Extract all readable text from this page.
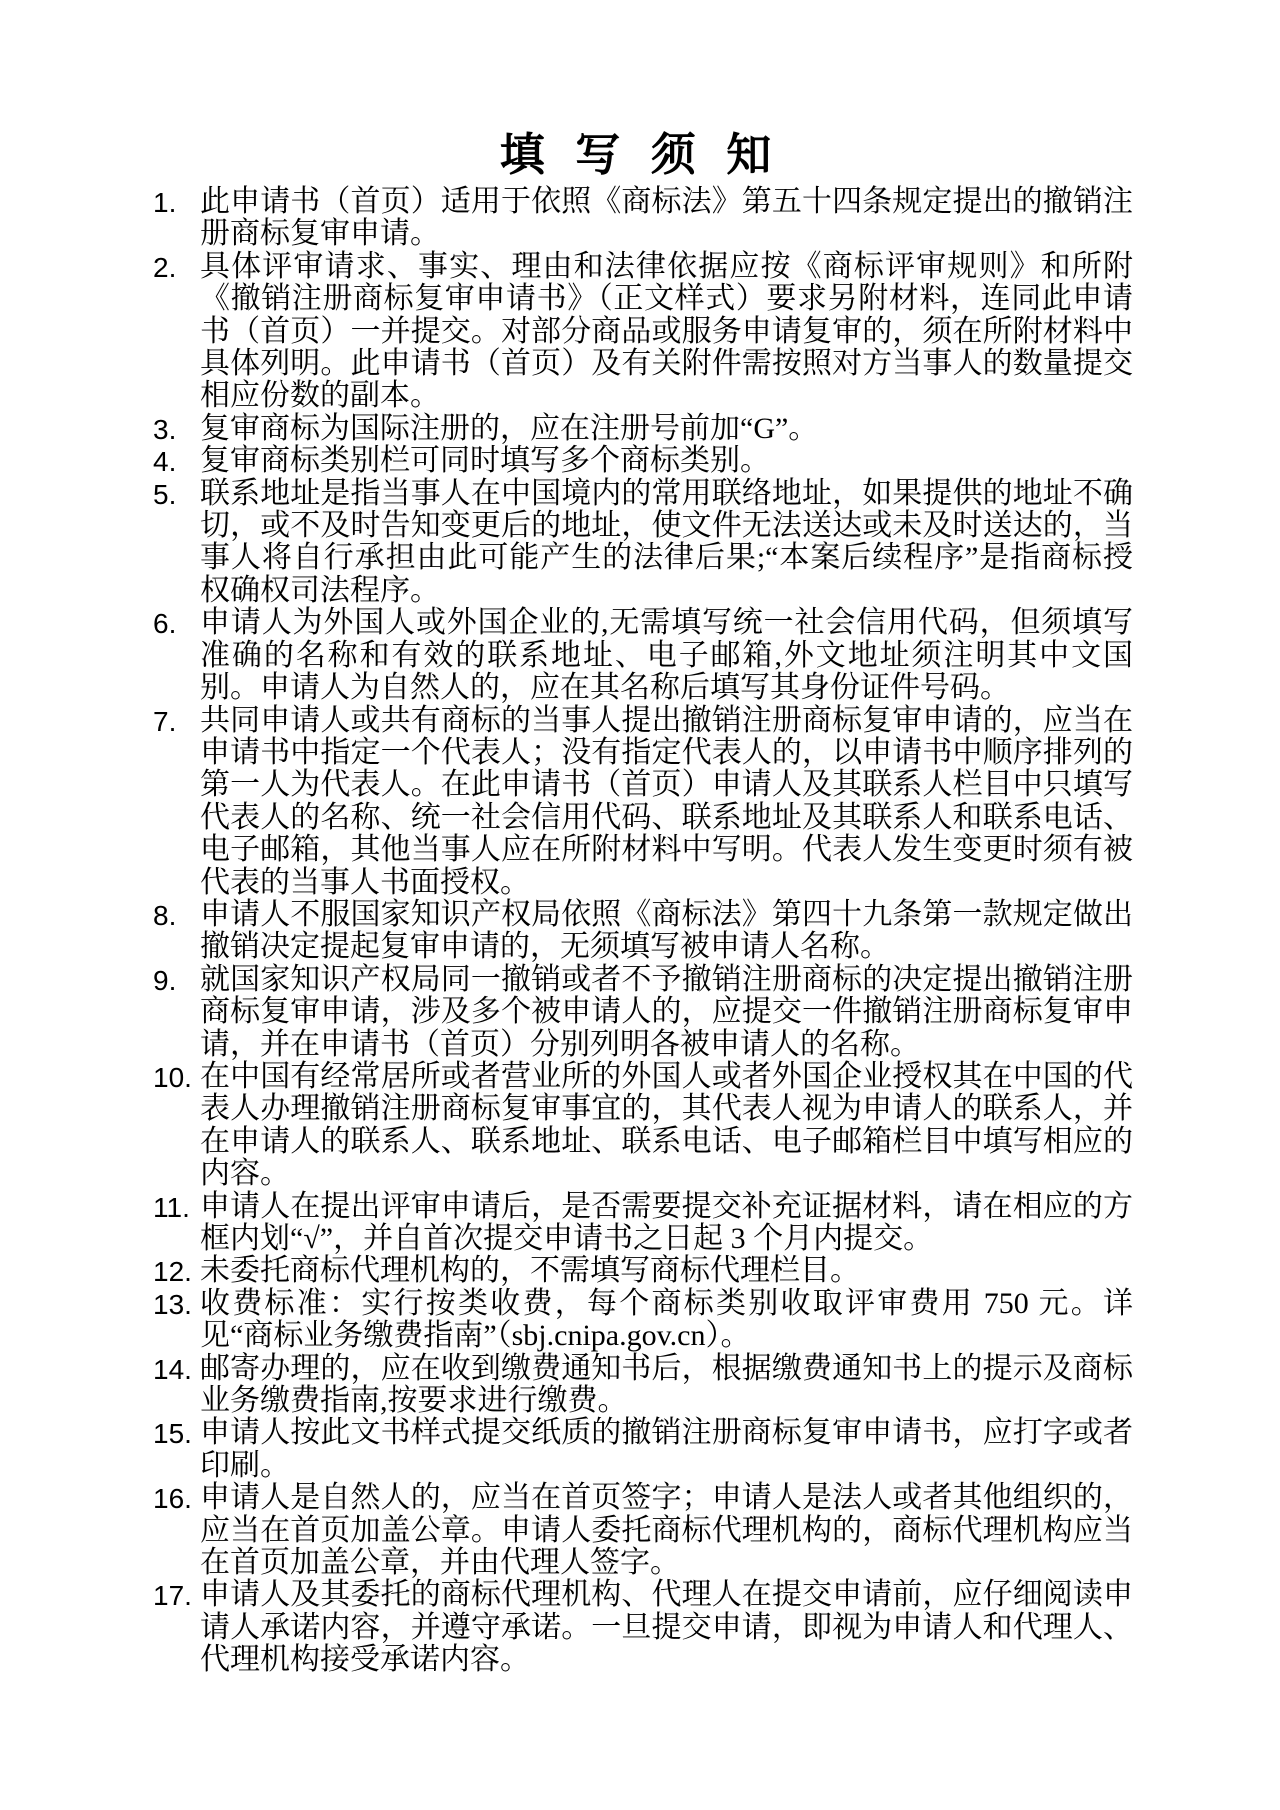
填 写 须 知
1. 此申请书（首页）适用于依照《商标法》第五十四条规定提出的撤销注册商标复审申请。
2. 具体评审请求、事实、理由和法律依据应按《商标评审规则》和所附《撤销注册商标复审申请书》（正文样式）要求另附材料，连同此申请书（首页）一并提交。对部分商品或服务申请复审的，须在所附材料中具体列明。此申请书（首页）及有关附件需按照对方当事人的数量提交相应份数的副本。
3. 复审商标为国际注册的，应在注册号前加“G”。
4. 复审商标类别栏可同时填写多个商标类别。
5. 联系地址是指当事人在中国境内的常用联络地址，如果提供的地址不确切，或不及时告知变更后的地址，使文件无法送达或未及时送达的，当事人将自行承担由此可能产生的法律后果;“本案后续程序”是指商标授权确权司法程序。
6. 申请人为外国人或外国企业的,无需填写统一社会信用代码，但须填写准确的名称和有效的联系地址、电子邮箱,外文地址须注明其中文国别。申请人为自然人的，应在其名称后填写其身份证件号码。
7. 共同申请人或共有商标的当事人提出撤销注册商标复审申请的，应当在申请书中指定一个代表人；没有指定代表人的，以申请书中顺序排列的第一人为代表人。在此申请书（首页）申请人及其联系人栏目中只填写代表人的名称、统一社会信用代码、联系地址及其联系人和联系电话、电子邮箱，其他当事人应在所附材料中写明。代表人发生变更时须有被代表的当事人书面授权。
8. 申请人不服国家知识产权局依照《商标法》第四十九条第一款规定做出撤销决定提起复审申请的，无须填写被申请人名称。
9. 就国家知识产权局同一撤销或者不予撤销注册商标的决定提出撤销注册商标复审申请，涉及多个被申请人的，应提交一件撤销注册商标复审申请，并在申请书（首页）分别列明各被申请人的名称。
10. 在中国有经常居所或者营业所的外国人或者外国企业授权其在中国的代表人办理撤销注册商标复审事宜的，其代表人视为申请人的联系人，并在申请人的联系人、联系地址、联系电话、电子邮箱栏目中填写相应的内容。
11. 申请人在提出评审申请后，是否需要提交补充证据材料，请在相应的方框内划“√”，并自首次提交申请书之日起 3 个月内提交。
12. 未委托商标代理机构的，不需填写商标代理栏目。
13. 收费标准：实行按类收费，每个商标类别收取评审费用 750 元。详见“商标业务缴费指南”（sbj.cnipa.gov.cn）。
14. 邮寄办理的，应在收到缴费通知书后，根据缴费通知书上的提示及商标业务缴费指南,按要求进行缴费。
15. 申请人按此文书样式提交纸质的撤销注册商标复审申请书，应打字或者印刷。
16. 申请人是自然人的，应当在首页签字；申请人是法人或者其他组织的，应当在首页加盖公章。申请人委托商标代理机构的，商标代理机构应当在首页加盖公章，并由代理人签字。
17. 申请人及其委托的商标代理机构、代理人在提交申请前，应仔细阅读申请人承诺内容，并遵守承诺。一旦提交申请，即视为申请人和代理人、代理机构接受承诺内容。
